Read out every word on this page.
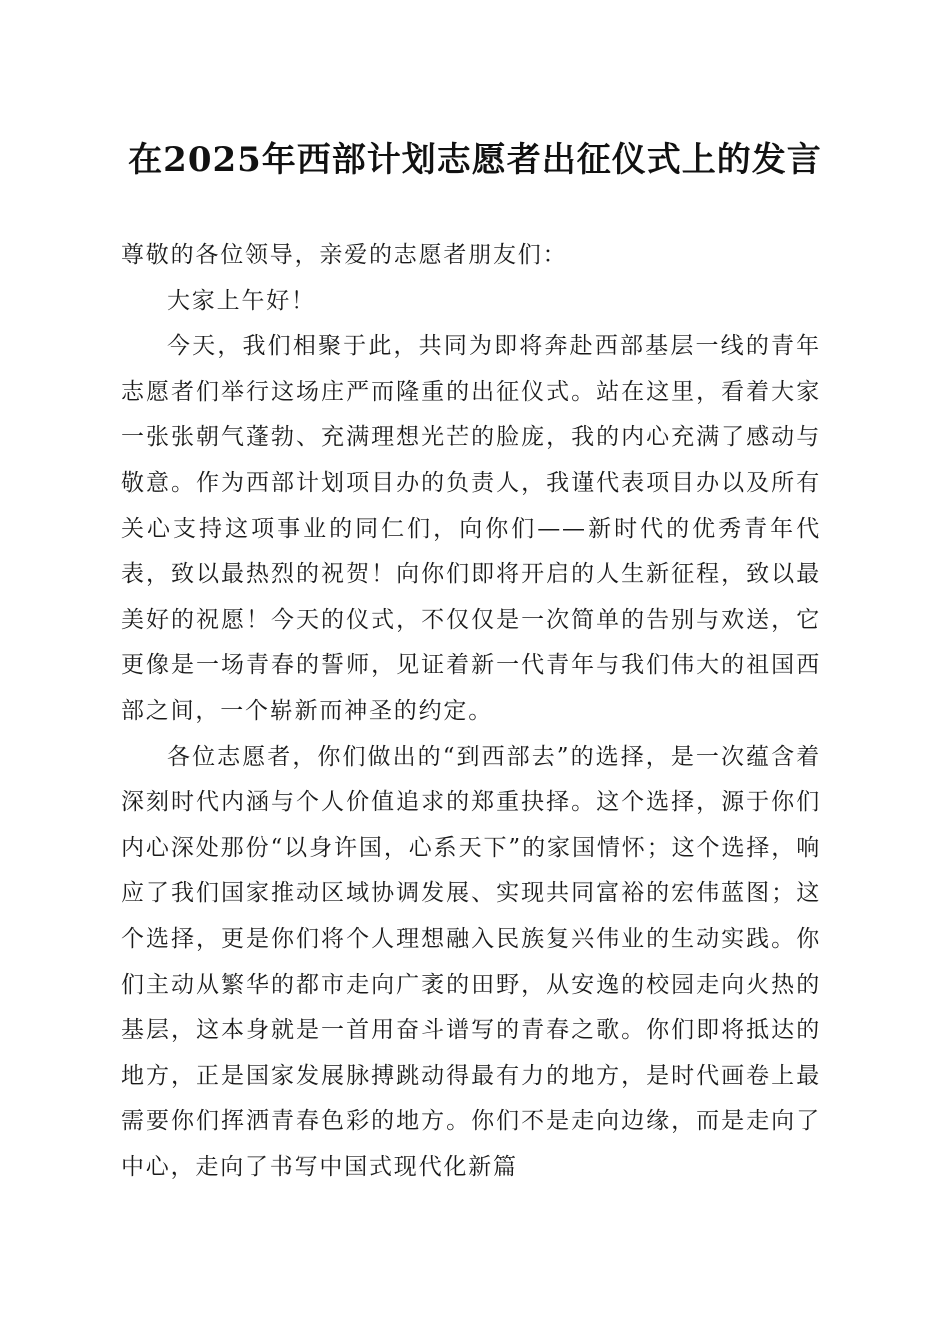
在2025年西部计划志愿者出征仪式上的发言

尊敬的各位领导，亲爱的志愿者朋友们：

大家上午好！

今天，我们相聚于此，共同为即将奔赴西部基层一线的青年志愿者们举行这场庄严而隆重的出征仪式。站在这里，看着大家一张张朝气蓬勃、充满理想光芒的脸庞，我的内心充满了感动与敬意。作为西部计划项目办的负责人，我谨代表项目办以及所有关心支持这项事业的同仁们，向你们——新时代的优秀青年代表，致以最热烈的祝贺！向你们即将开启的人生新征程，致以最美好的祝愿！今天的仪式，不仅仅是一次简单的告别与欢送，它更像是一场青春的誓师，见证着新一代青年与我们伟大的祖国西部之间，一个崭新而神圣的约定。

各位志愿者，你们做出的“到西部去”的选择，是一次蕴含着深刻时代内涵与个人价值追求的郑重抉择。这个选择，源于你们内心深处那份“以身许国，心系天下”的家国情怀；这个选择，响应了我们国家推动区域协调发展、实现共同富裕的宏伟蓝图；这个选择，更是你们将个人理想融入民族复兴伟业的生动实践。你们主动从繁华的都市走向广袤的田野，从安逸的校园走向火热的基层，这本身就是一首用奋斗谱写的青春之歌。你们即将抵达的地方，正是国家发展脉搏跳动得最有力的地方，是时代画卷上最需要你们挥洒青春色彩的地方。你们不是走向边缘，而是走向了中心，走向了书写中国式现代化新篇
